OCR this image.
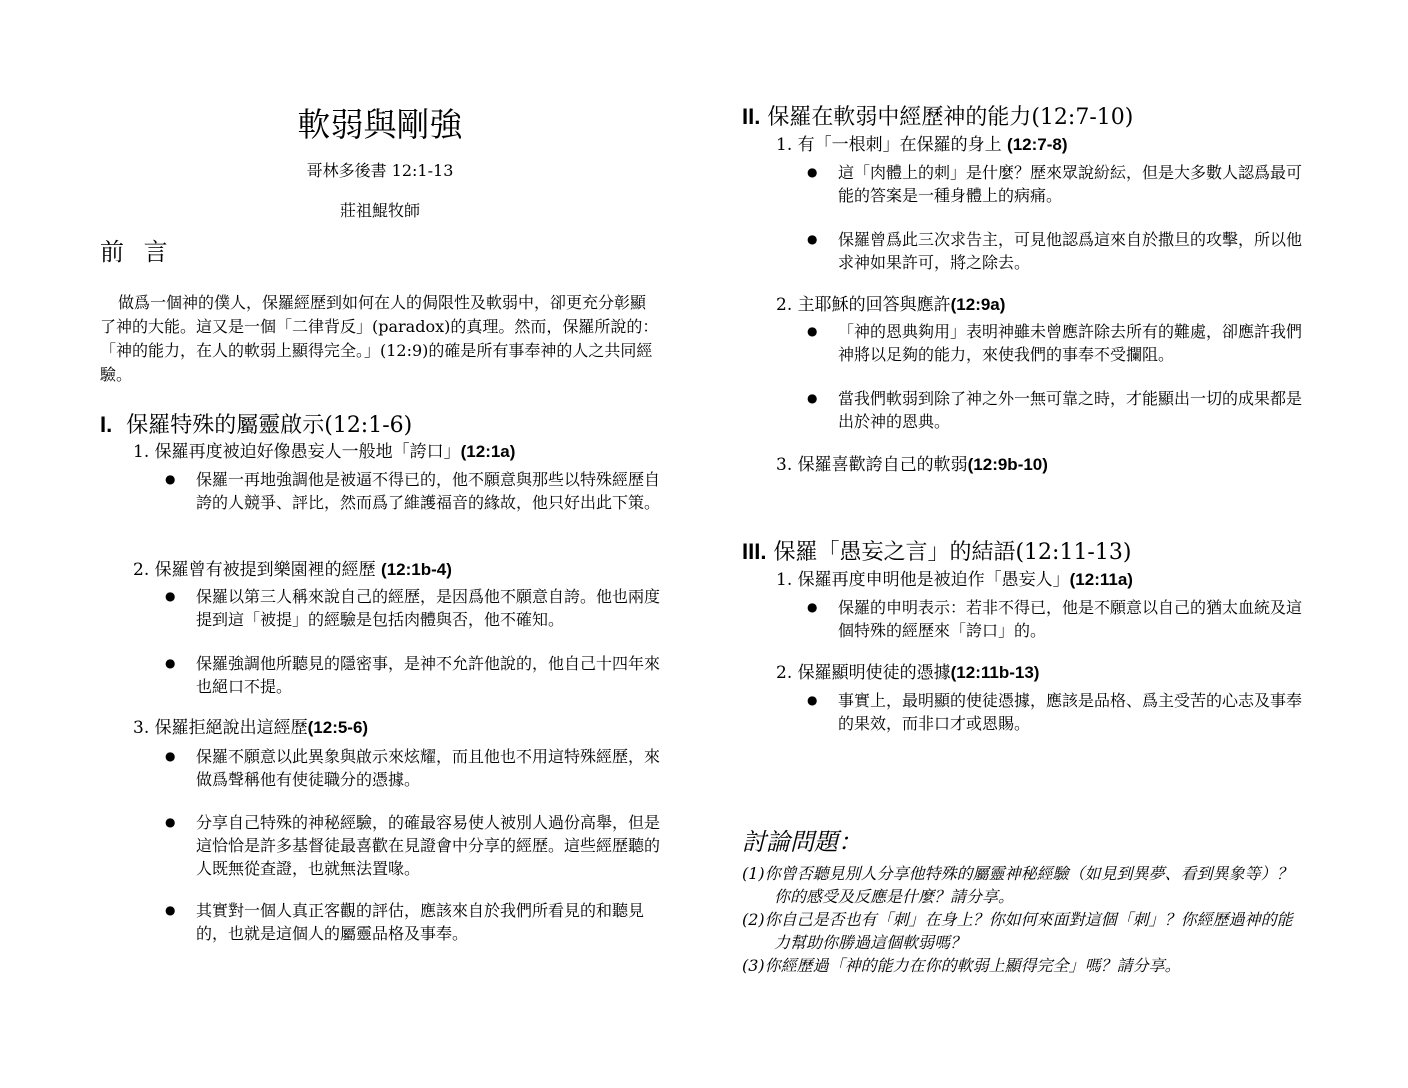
軟弱與剛強
哥林多後書 12:1-13
莊祖鯤牧師
前 言

做爲一個神的僕人，保羅經歷到如何在人的侷限性及軟弱中，卻更充分彰顯了神的大能。這又是一個「二律背反」(paradox)的真理。然而，保羅所說的：「神的能力，在人的軟弱上顯得完全。」(12:9)的確是所有事奉神的人之共同經驗。

I. 保羅特殊的屬靈啟示(12:1-6)
1. 保羅再度被迫好像愚妄人一般地「誇口」(12:1a)
● 保羅一再地強調他是被逼不得已的，他不願意與那些以特殊經歷自誇的人競爭、評比，然而爲了維護福音的緣故，他只好出此下策。
2. 保羅曾有被提到樂園裡的經歷 (12:1b-4)
● 保羅以第三人稱來說自己的經歷，是因爲他不願意自誇。他也兩度提到這「被提」的經驗是包括肉體與否，他不確知。
● 保羅強調他所聽見的隱密事，是神不允許他說的，他自己十四年來也絕口不提。
3. 保羅拒絕說出這經歷(12:5-6)
● 保羅不願意以此異象與啟示來炫耀，而且他也不用這特殊經歷，來做爲聲稱他有使徒職分的憑據。
● 分享自己特殊的神秘經驗，的確最容易使人被別人過份高舉，但是這恰恰是許多基督徒最喜歡在見證會中分享的經歷。這些經歷聽的人既無從查證，也就無法置喙。
● 其實對一個人真正客觀的評估，應該來自於我們所看見的和聽見的，也就是這個人的屬靈品格及事奉。
II. 保羅在軟弱中經歷神的能力(12:7-10)
1. 有「一根刺」在保羅的身上 (12:7-8)
● 這「肉體上的刺」是什麼？歷來眾說紛紜，但是大多數人認爲最可能的答案是一種身體上的病痛。
● 保羅曾爲此三次求告主，可見他認爲這來自於撒旦的攻擊，所以他求神如果許可，將之除去。
2. 主耶穌的回答與應許(12:9a)
● 「神的恩典夠用」表明神雖未曾應許除去所有的難處，卻應許我們神將以足夠的能力，來使我們的事奉不受攔阻。
● 當我們軟弱到除了神之外一無可靠之時，才能顯出一切的成果都是出於神的恩典。
3. 保羅喜歡誇自己的軟弱(12:9b-10)
III. 保羅「愚妄之言」的結語(12:11-13)
1. 保羅再度申明他是被迫作「愚妄人」(12:11a)
● 保羅的申明表示：若非不得已，他是不願意以自己的猶太血統及這個特殊的經歷來「誇口」的。
2. 保羅顯明使徒的憑據(12:11b-13)
● 事實上，最明顯的使徒憑據，應該是品格、爲主受苦的心志及事奉的果效，而非口才或恩賜。
討論問題：
(1)你曾否聽見別人分享他特殊的屬靈神秘經驗（如見到異夢、看到異象等）？你的感受及反應是什麼？請分享。
(2)你自己是否也有「刺」在身上？你如何來面對這個「刺」？你經歷過神的能力幫助你勝過這個軟弱嗎？
(3)你經歷過「神的能力在你的軟弱上顯得完全」嗎？請分享。
